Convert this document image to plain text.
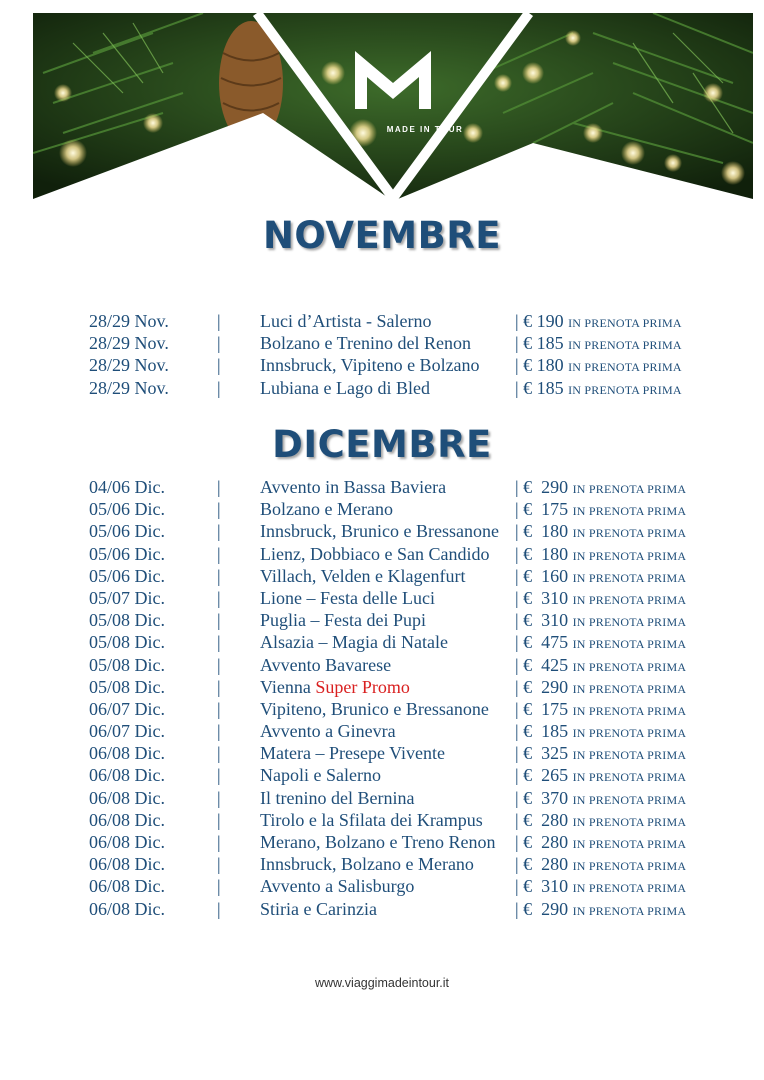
MADE IN TOUR
NOVEMBRE
28/29 Nov.	| Luci d’Artista - Salerno	| € 190 IN PRENOTA PRIMA
28/29 Nov.	| Bolzano e Trenino del Renon | € 185 IN PRENOTA PRIMA
28/29 Nov.	| Innsbruck, Vipiteno e Bolzano | € 180 IN PRENOTA PRIMA
28/29 Nov.	| Lubiana e Lago di Bled	| € 185 IN PRENOTA PRIMA
DICEMBRE
04/06 Dic.	| Avvento in Bassa Baviera	| €  290 IN PRENOTA PRIMA
05/06 Dic.	| Bolzano e Merano	| €  175 IN PRENOTA PRIMA
05/06 Dic.	| Innsbruck, Brunico e Bressanone | €  180 IN PRENOTA PRIMA
05/06 Dic.	| Lienz, Dobbiaco e San Candido | €  180 IN PRENOTA PRIMA
05/06 Dic.	| Villach, Velden e Klagenfurt	| €  160 IN PRENOTA PRIMA
05/07 Dic.	| Lione – Festa delle Luci	| €  310 IN PRENOTA PRIMA
05/08 Dic.	| Puglia – Festa dei Pupi	| €  310 IN PRENOTA PRIMA
05/08 Dic.	| Alsazia – Magia di Natale	| €  475 IN PRENOTA PRIMA
05/08 Dic.	| Avvento Bavarese	| €  425 IN PRENOTA PRIMA
05/08 Dic.	| Vienna Super Promo	| €  290 IN PRENOTA PRIMA
06/07 Dic.	| Vipiteno, Brunico e Bressanone | €  175 IN PRENOTA PRIMA
06/07 Dic.	| Avvento a Ginevra	| €  185 IN PRENOTA PRIMA
06/08 Dic.	| Matera – Presepe Vivente	| €  325 IN PRENOTA PRIMA
06/08 Dic.	| Napoli e Salerno	| €  265 IN PRENOTA PRIMA
06/08 Dic.	| Il trenino del Bernina	| €  370 IN PRENOTA PRIMA
06/08 Dic.	| Tirolo e la Sfilata dei Krampus | €  280 IN PRENOTA PRIMA
06/08 Dic.	| Merano, Bolzano e Treno Renon | €  280 IN PRENOTA PRIMA
06/08 Dic.	| Innsbruck, Bolzano e Merano | €  280 IN PRENOTA PRIMA
06/08 Dic.	| Avvento a Salisburgo	| €  310 IN PRENOTA PRIMA
06/08 Dic.	| Stiria e Carinzia	| €  290 IN PRENOTA PRIMA
www.viaggimadeintour.it
